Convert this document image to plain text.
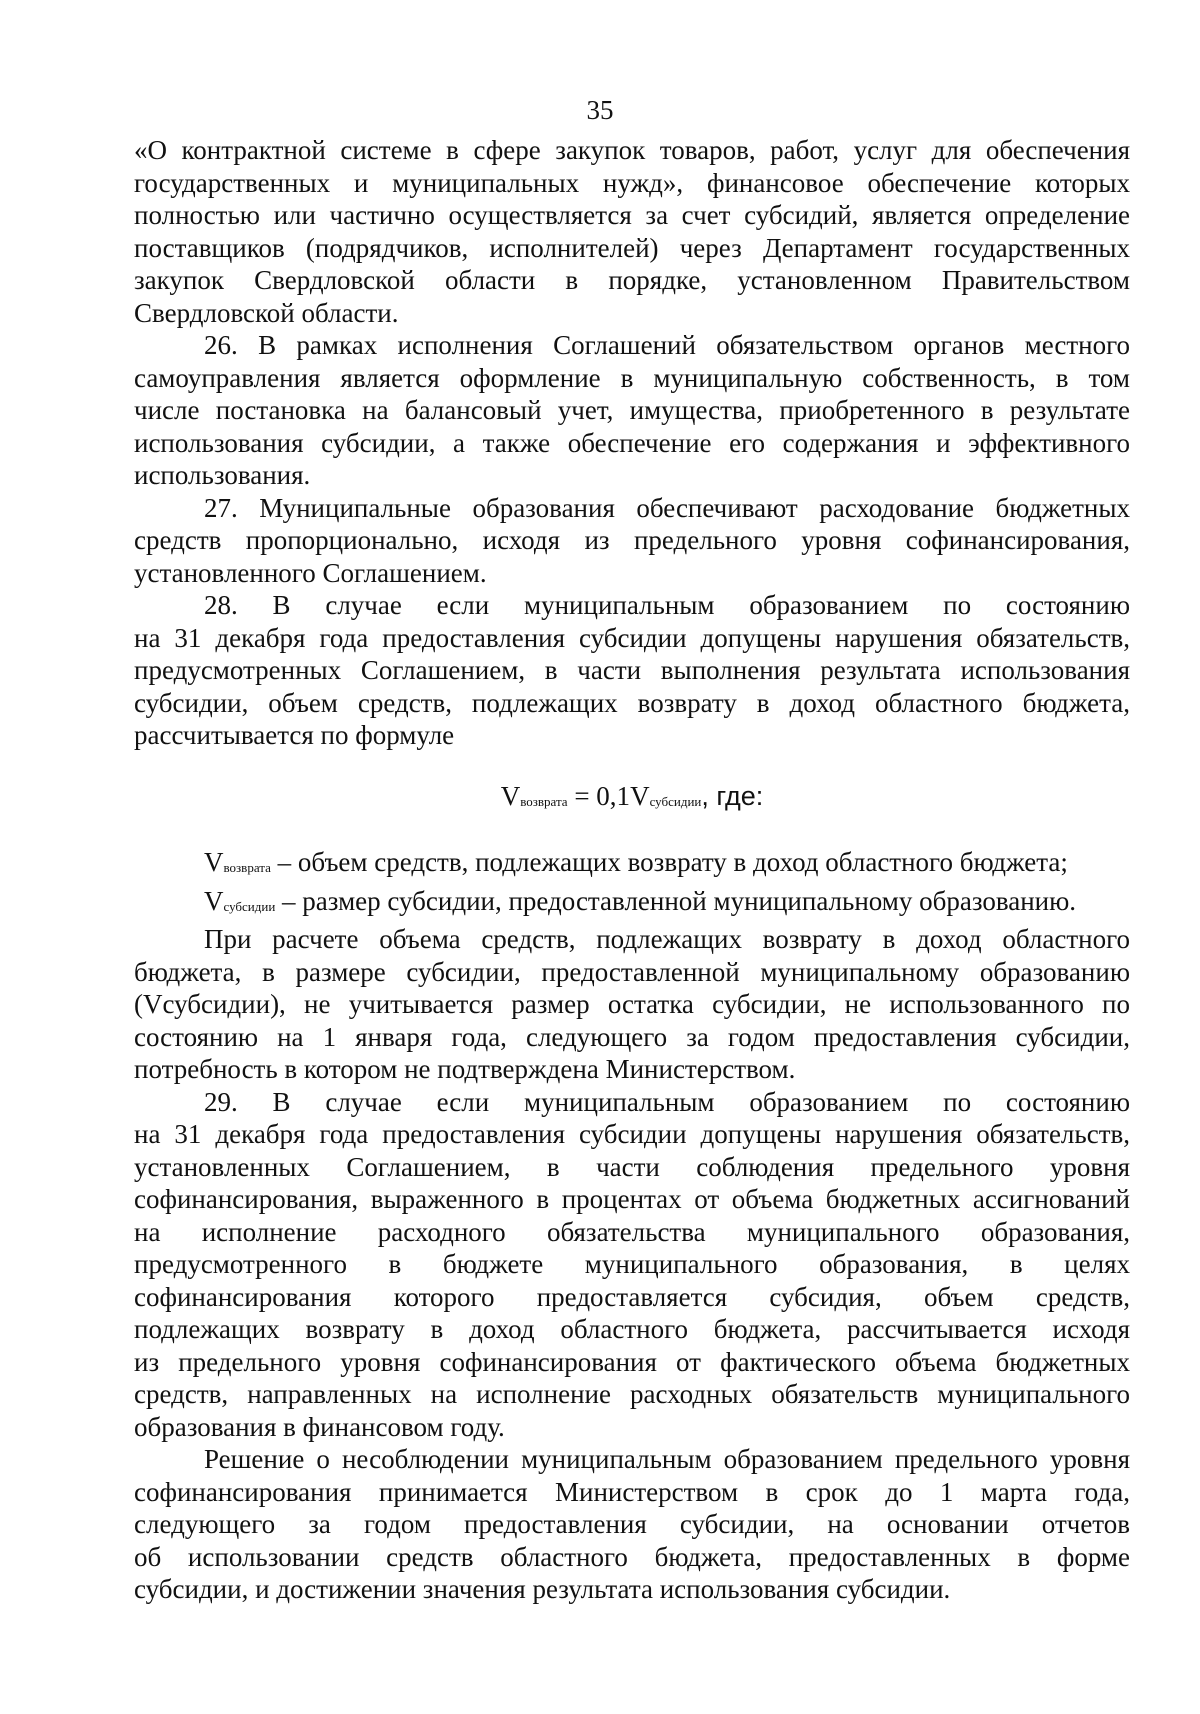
35
«О контрактной системе в сфере закупок товаров, работ, услуг для обеспечения
государственных и муниципальных нужд», финансовое обеспечение которых
полностью или частично осуществляется за счет субсидий, является определение
поставщиков (подрядчиков, исполнителей) через Департамент государственных
закупок Свердловской области в порядке, установленном Правительством
Свердловской области.
26. В рамках исполнения Соглашений обязательством органов местного
самоуправления является оформление в муниципальную собственность, в том
числе постановка на балансовый учет, имущества, приобретенного в результате
использования субсидии, а также обеспечение его содержания и эффективного
использования.
27. Муниципальные образования обеспечивают расходование бюджетных
средств пропорционально, исходя из предельного уровня софинансирования,
установленного Соглашением.
28. В случае если муниципальным образованием по состоянию
на 31 декабря года предоставления субсидии допущены нарушения обязательств,
предусмотренных Соглашением, в части выполнения результата использования
субсидии, объем средств, подлежащих возврату в доход областного бюджета,
рассчитывается по формуле
Vвозврата = 0,1Vсубсидии, где:
Vвозврата – объем средств, подлежащих возврату в доход областного бюджета;
Vсубсидии – размер субсидии, предоставленной муниципальному образованию.
При расчете объема средств, подлежащих возврату в доход областного
бюджета, в размере субсидии, предоставленной муниципальному образованию
(Vсубсидии), не учитывается размер остатка субсидии, не использованного по
состоянию на 1 января года, следующего за годом предоставления субсидии,
потребность в котором не подтверждена Министерством.
29. В случае если муниципальным образованием по состоянию
на 31 декабря года предоставления субсидии допущены нарушения обязательств,
установленных Соглашением, в части соблюдения предельного уровня
софинансирования, выраженного в процентах от объема бюджетных ассигнований
на исполнение расходного обязательства муниципального образования,
предусмотренного в бюджете муниципального образования, в целях
софинансирования которого предоставляется субсидия, объем средств,
подлежащих возврату в доход областного бюджета, рассчитывается исходя
из предельного уровня софинансирования от фактического объема бюджетных
средств, направленных на исполнение расходных обязательств муниципального
образования в финансовом году.
Решение о несоблюдении муниципальным образованием предельного уровня
софинансирования принимается Министерством в срок до 1 марта года,
следующего за годом предоставления субсидии, на основании отчетов
об использовании средств областного бюджета, предоставленных в форме
субсидии, и достижении значения результата использования субсидии.
